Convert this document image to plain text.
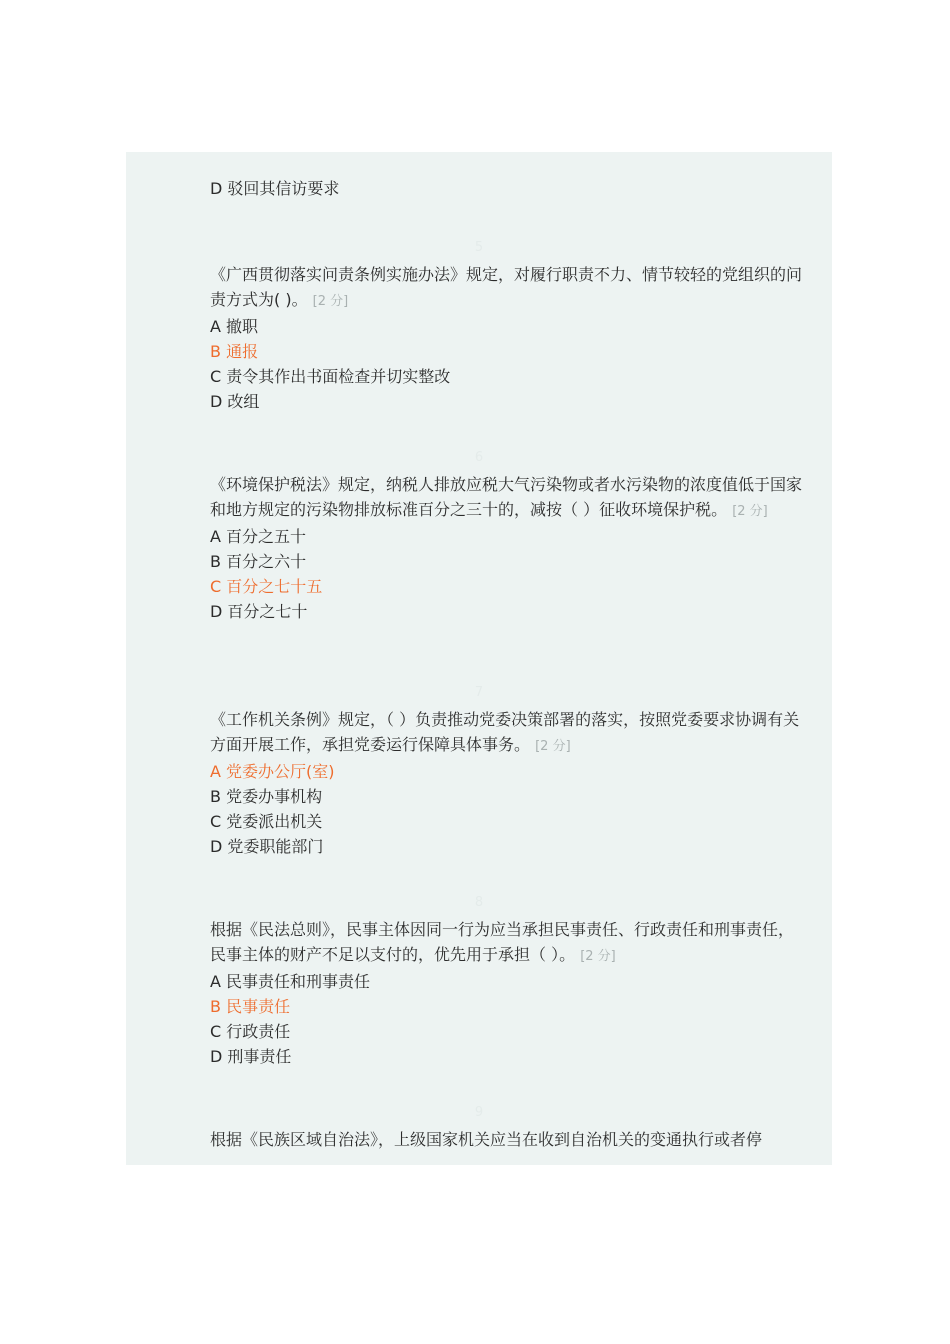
D 驳回其信访要求
5
《广西贯彻落实问责条例实施办法》规定，对履行职责不力、情节较轻的党组织的问责方式为( )。 [2 分]
A 撤职
B 通报
C 责令其作出书面检查并切实整改
D 改组
6
《环境保护税法》规定，纳税人排放应税大气污染物或者水污染物的浓度值低于国家和地方规定的污染物排放标准百分之三十的，减按（ ）征收环境保护税。 [2 分]
A 百分之五十
B 百分之六十
C 百分之七十五
D 百分之七十
7
《工作机关条例》规定，（ ）负责推动党委决策部署的落实，按照党委要求协调有关方面开展工作，承担党委运行保障具体事务。 [2 分]
A 党委办公厅(室)
B 党委办事机构
C 党委派出机关
D 党委职能部门
8
根据《民法总则》，民事主体因同一行为应当承担民事责任、行政责任和刑事责任，民事主体的财产不足以支付的，优先用于承担（ ）。 [2 分]
A 民事责任和刑事责任
B 民事责任
C 行政责任
D 刑事责任
9
根据《民族区域自治法》，上级国家机关应当在收到自治机关的变通执行或者停
